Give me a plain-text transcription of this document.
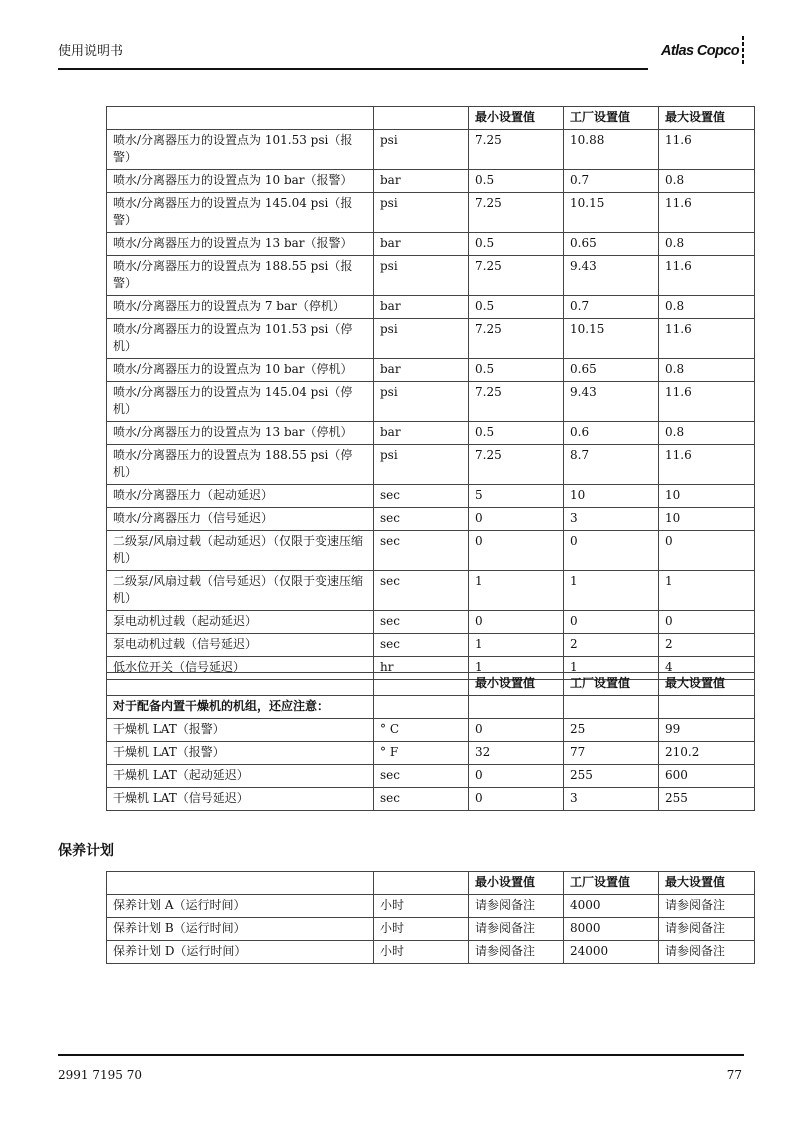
使用说明书	Atlas Copco
		最小设置值	工厂设置值	最大设置值
喷水/分离器压力的设置点为 101.53 psi（报警）	psi	7.25	10.88	11.6
喷水/分离器压力的设置点为 10 bar（报警）	bar	0.5	0.7	0.8
喷水/分离器压力的设置点为 145.04 psi（报警）	psi	7.25	10.15	11.6
喷水/分离器压力的设置点为 13 bar（报警）	bar	0.5	0.65	0.8
喷水/分离器压力的设置点为 188.55 psi（报警）	psi	7.25	9.43	11.6
喷水/分离器压力的设置点为 7 bar（停机）	bar	0.5	0.7	0.8
喷水/分离器压力的设置点为 101.53 psi（停机）	psi	7.25	10.15	11.6
喷水/分离器压力的设置点为 10 bar（停机）	bar	0.5	0.65	0.8
喷水/分离器压力的设置点为 145.04 psi（停机）	psi	7.25	9.43	11.6
喷水/分离器压力的设置点为 13 bar（停机）	bar	0.5	0.6	0.8
喷水/分离器压力的设置点为 188.55 psi（停机）	psi	7.25	8.7	11.6
喷水/分离器压力（起动延迟）	sec	5	10	10
喷水/分离器压力（信号延迟）	sec	0	3	10
二级泵/风扇过载（起动延迟）（仅限于变速压缩机）	sec	0	0	0
二级泵/风扇过载（信号延迟）（仅限于变速压缩机）	sec	1	1	1
泵电动机过载（起动延迟）	sec	0	0	0
泵电动机过载（信号延迟）	sec	1	2	2
低水位开关（信号延迟）	hr	1	1	4
		最小设置值	工厂设置值	最大设置值
对于配备内置干燥机的机组，还应注意：				
干燥机 LAT（报警）	° C	0	25	99
干燥机 LAT（报警）	° F	32	77	210.2
干燥机 LAT（起动延迟）	sec	0	255	600
干燥机 LAT（信号延迟）	sec	0	3	255
保养计划
		最小设置值	工厂设置值	最大设置值
保养计划 A（运行时间）	小时	请参阅备注	4000	请参阅备注
保养计划 B（运行时间）	小时	请参阅备注	8000	请参阅备注
保养计划 D（运行时间）	小时	请参阅备注	24000	请参阅备注
2991 7195 70	77
